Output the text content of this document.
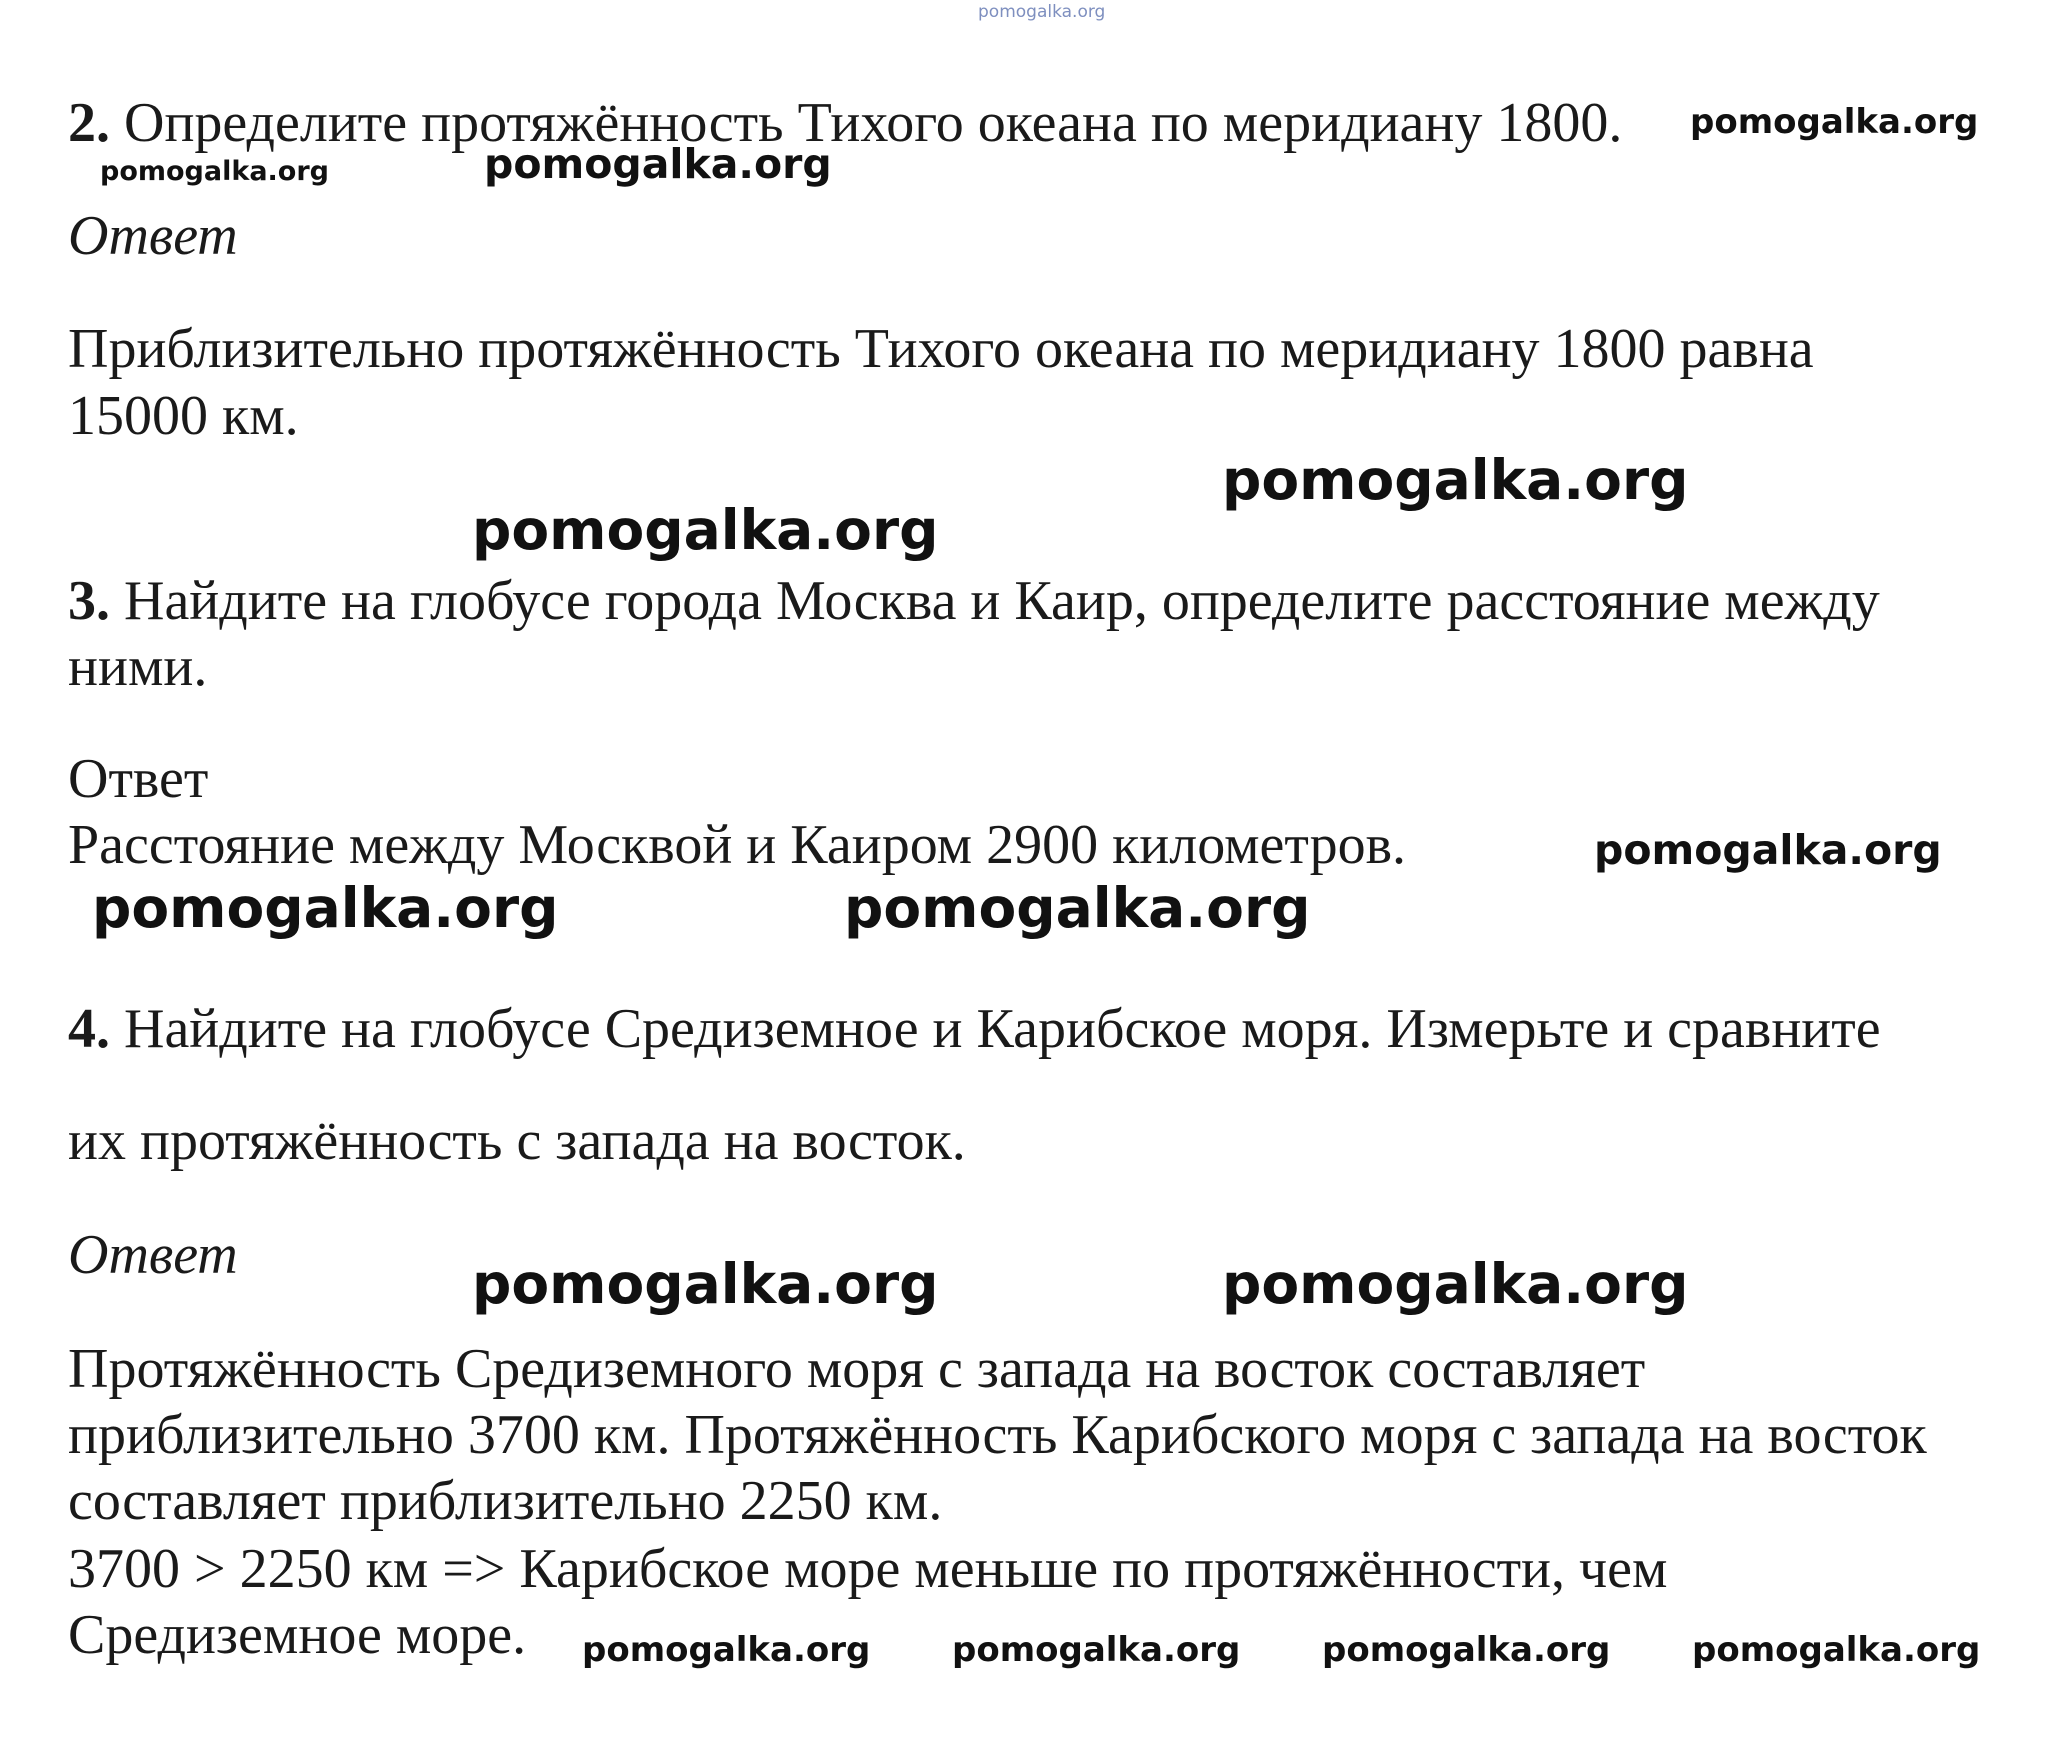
pomogalka.org

2. Определите протяжённость Тихого океана по меридиану 1800. pomogalka.org
pomogalka.org	pomogalka.org

Ответ

Приблизительно протяжённость Тихого океана по меридиану 1800 равна

15000 км.

pomogalka.org
pomogalka.org

3. Найдите на глобусе города Москва и Каир, определите расстояние между

ними.

Ответ

Расстояние между Москвой и Каиром 2900 километров.	pomogalka.org
pomogalka.org	pomogalka.org

4. Найдите на глобусе Средиземное и Карибское моря. Измерьте и сравните

их протяжённость с запада на восток.

Ответ	pomogalka.org	pomogalka.org

Протяжённость Средиземного моря с запада на восток составляет

приблизительно 3700 км. Протяжённость Карибского моря с запада на восток

составляет приблизительно 2250 км.

3700 > 2250 км => Карибское море меньше по протяжённости, чем

Средиземное море. pomogalka.org pomogalka.org pomogalka.org pomogalka.org
